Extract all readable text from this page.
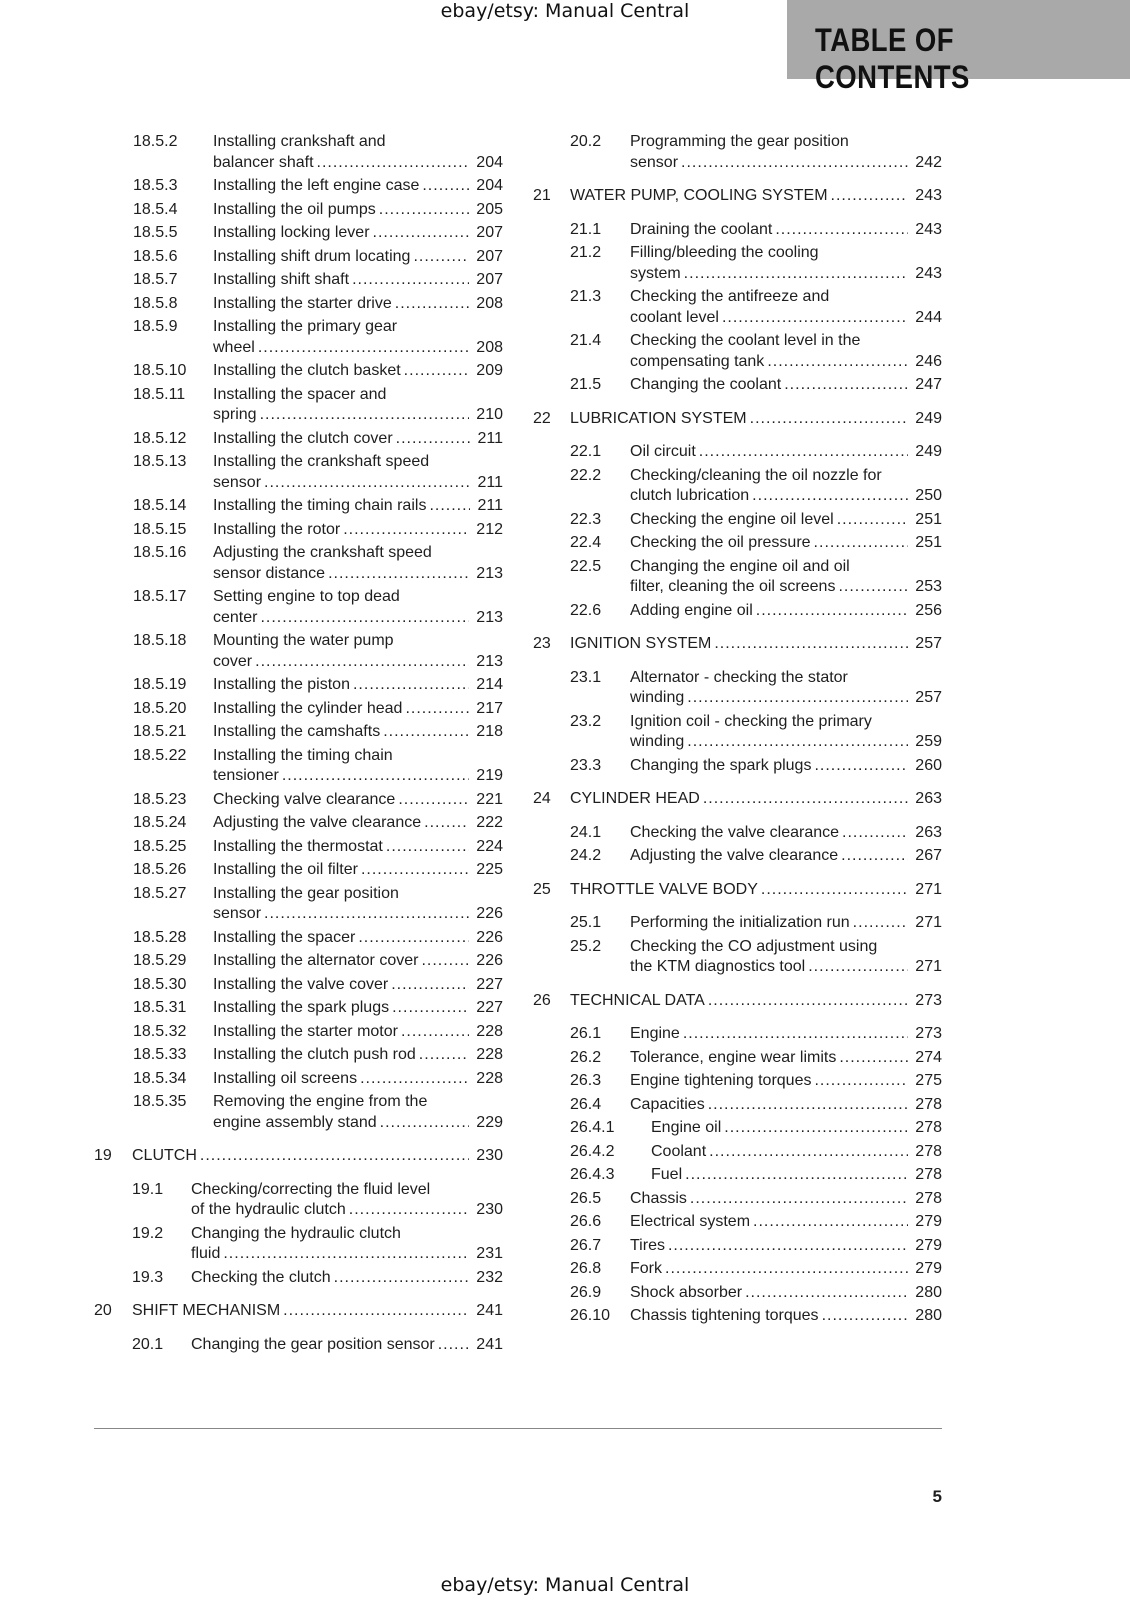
ebay/etsy: Manual Central
TABLE OF CONTENTS
18.5.2 Installing crankshaft and
balancer shaft .....	204
18.5.3 Installing the left engine case .....	204
18.5.4 Installing the oil pumps .....	205
18.5.5 Installing locking lever .....	207
18.5.6 Installing shift drum locating .....	207
18.5.7 Installing shift shaft .....	207
18.5.8 Installing the starter drive .....	208
18.5.9 Installing the primary gear
wheel .....	208
18.5.10 Installing the clutch basket .....	209
18.5.11 Installing the spacer and
spring .....	210
18.5.12 Installing the clutch cover .....	211
18.5.13 Installing the crankshaft speed
sensor .....	211
18.5.14 Installing the timing chain rails .....	211
18.5.15 Installing the rotor .....	212
18.5.16 Adjusting the crankshaft speed
sensor distance .....	213
18.5.17 Setting engine to top dead
center .....	213
18.5.18 Mounting the water pump
cover .....	213
18.5.19 Installing the piston .....	214
18.5.20 Installing the cylinder head .....	217
18.5.21 Installing the camshafts .....	218
18.5.22 Installing the timing chain
tensioner .....	219
18.5.23 Checking valve clearance .....	221
18.5.24 Adjusting the valve clearance .....	222
18.5.25 Installing the thermostat .....	224
18.5.26 Installing the oil filter .....	225
18.5.27 Installing the gear position
sensor .....	226
18.5.28 Installing the spacer .....	226
18.5.29 Installing the alternator cover .....	226
18.5.30 Installing the valve cover .....	227
18.5.31 Installing the spark plugs .....	227
18.5.32 Installing the starter motor .....	228
18.5.33 Installing the clutch push rod .....	228
18.5.34 Installing oil screens .....	228
18.5.35 Removing the engine from the
engine assembly stand .....	229
19 CLUTCH .....	230
19.1 Checking/correcting the fluid level
of the hydraulic clutch .....	230
19.2 Changing the hydraulic clutch
fluid .....	231
19.3 Checking the clutch .....	232
20 SHIFT MECHANISM .....	241
20.1 Changing the gear position sensor .....	241
20.2 Programming the gear position
sensor .....	242
21 WATER PUMP, COOLING SYSTEM .....	243
21.1 Draining the coolant .....	243
21.2 Filling/bleeding the cooling
system .....	243
21.3 Checking the antifreeze and
coolant level .....	244
21.4 Checking the coolant level in the
compensating tank .....	246
21.5 Changing the coolant .....	247
22 LUBRICATION SYSTEM .....	249
22.1 Oil circuit .....	249
22.2 Checking/cleaning the oil nozzle for
clutch lubrication .....	250
22.3 Checking the engine oil level .....	251
22.4 Checking the oil pressure .....	251
22.5 Changing the engine oil and oil
filter, cleaning the oil screens .....	253
22.6 Adding engine oil .....	256
23 IGNITION SYSTEM .....	257
23.1 Alternator - checking the stator
winding .....	257
23.2 Ignition coil - checking the primary
winding .....	259
23.3 Changing the spark plugs .....	260
24 CYLINDER HEAD .....	263
24.1 Checking the valve clearance .....	263
24.2 Adjusting the valve clearance .....	267
25 THROTTLE VALVE BODY .....	271
25.1 Performing the initialization run .....	271
25.2 Checking the CO adjustment using
the KTM diagnostics tool .....	271
26 TECHNICAL DATA .....	273
26.1 Engine .....	273
26.2 Tolerance, engine wear limits .....	274
26.3 Engine tightening torques .....	275
26.4 Capacities .....	278
26.4.1 Engine oil .....	278
26.4.2 Coolant .....	278
26.4.3 Fuel .....	278
26.5 Chassis .....	278
26.6 Electrical system .....	279
26.7 Tires .....	279
26.8 Fork .....	279
26.9 Shock absorber .....	280
26.10 Chassis tightening torques .....	280
5
ebay/etsy: Manual Central
